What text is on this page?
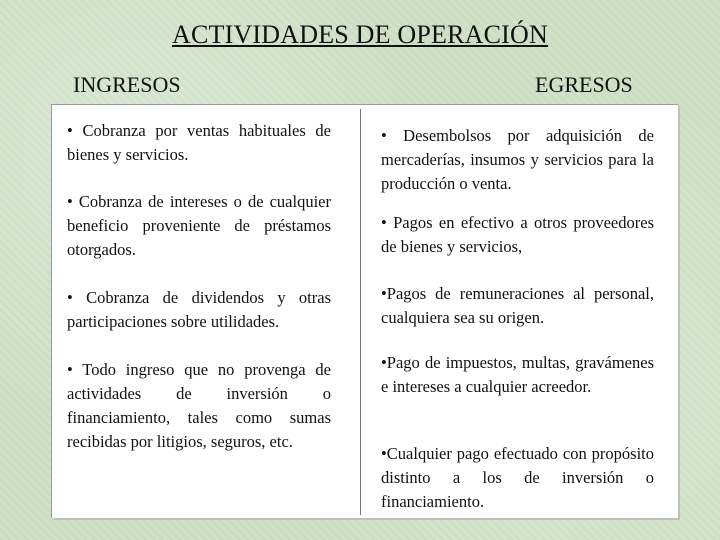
ACTIVIDADES DE OPERACIÓN
INGRESOS	EGRESOS

• Cobranza por ventas habituales de bienes y servicios.

• Cobranza de intereses o de cualquier beneficio proveniente de préstamos otorgados.

• Cobranza de dividendos y otras participaciones sobre utilidades.

• Todo ingreso que no provenga de actividades de inversión o financiamiento, tales como sumas recibidas por litigios, seguros, etc.

• Desembolsos por adquisición de mercaderías, insumos y servicios para la producción o venta.

• Pagos en efectivo a otros proveedores de bienes y servicios,

•Pagos de remuneraciones al personal, cualquiera sea su origen.

•Pago de impuestos, multas, gravámenes e intereses a cualquier acreedor.

•Cualquier pago efectuado con propósito distinto a los de inversión o financiamiento.
